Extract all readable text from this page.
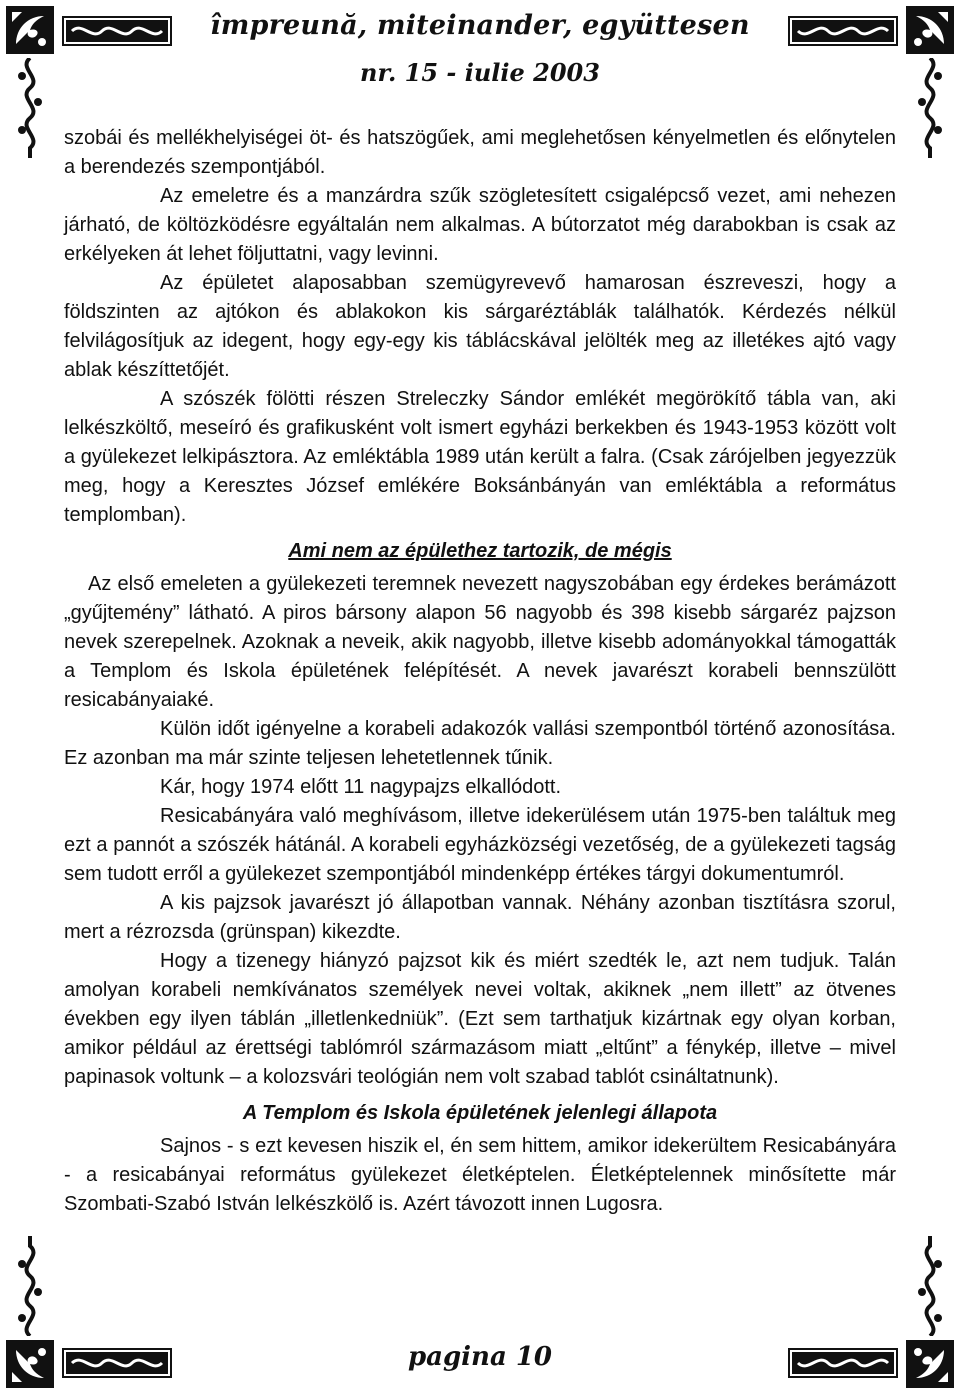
împreună, miteinander, együttesen
nr. 15 - iulie 2003

szobái és mellékhelyiségei öt- és hatszögűek, ami meglehetősen kényelmetlen és előnytelen a berendezés szempontjából.

Az emeletre és a manzárdra szűk szögletesített csigalépcső vezet, ami nehezen járható, de költözködésre egyáltalán nem alkalmas. A bútorzatot még darabokban is csak az erkélyeken át lehet följuttatni, vagy levinni.

Az épületet alaposabban szemügyrevevő hamarosan észreveszi, hogy a földszinten az ajtókon és ablakokon kis sárgaréztáblák találhatók. Kérdezés nélkül felvilágosítjuk az idegent, hogy egy-egy kis táblácskával jelölték meg az illetékes ajtó vagy ablak készíttetőjét.

A szószék fölötti részen Streleczky Sándor emlékét megörökítő tábla van, aki lelkészköltő, meseíró és grafikusként volt ismert egyházi berkekben és 1943-1953 között volt a gyülekezet lelkipásztora. Az emléktábla 1989 után került a falra. (Csak zárójelben jegyezzük meg, hogy a Keresztes József emlékére Boksánbányán van emléktábla a református templomban).

Ami nem az épülethez tartozik, de mégis

Az első emeleten a gyülekezeti teremnek nevezett nagyszobában egy érdekes berámázott „gyűjtemény” látható. A piros bársony alapon 56 nagyobb és 398 kisebb sárgaréz pajzson nevek szerepelnek. Azoknak a neveik, akik nagyobb, illetve kisebb adományokkal támogatták a Templom és Iskola épületének felépítését. A nevek javarészt korabeli bennszülött resicabányaiaké.

Külön időt igényelne a korabeli adakozók vallási szempontból történő azonosítása. Ez azonban ma már szinte teljesen lehetetlennek tűnik.

Kár, hogy 1974 előtt 11 nagypajzs elkallódott.

Resicabányára való meghívásom, illetve idekerülésem után 1975-ben találtuk meg ezt a pannót a szószék hátánál. A korabeli egyházközségi vezetőség, de a gyülekezeti tagság sem tudott erről a gyülekezet szempontjából mindenképp értékes tárgyi dokumentumról.

A kis pajzsok javarészt jó állapotban vannak. Néhány azonban tisztításra szorul, mert a rézrozsda (grünspan) kikezdte.

Hogy a tizenegy hiányzó pajzsot kik és miért szedték le, azt nem tudjuk. Talán amolyan korabeli nemkívánatos személyek nevei voltak, akiknek „nem illett” az ötvenes években egy ilyen táblán „illetlenkedniük”. (Ezt sem tarthatjuk kizártnak egy olyan korban, amikor például az érettségi tablómról származásom miatt „eltűnt” a fénykép, illetve – mivel papinasok voltunk – a kolozsvári teológián nem volt szabad tablót csináltatnunk).

A Templom és Iskola épületének jelenlegi állapota

Sajnos - s ezt kevesen hiszik el, én sem hittem, amikor idekerültem Resicabányára - a resicabányai református gyülekezet életképtelen. Életképtelennek minősítette már Szombati-Szabó István lelkészkölő is. Azért távozott innen Lugosra.

pagina 10
